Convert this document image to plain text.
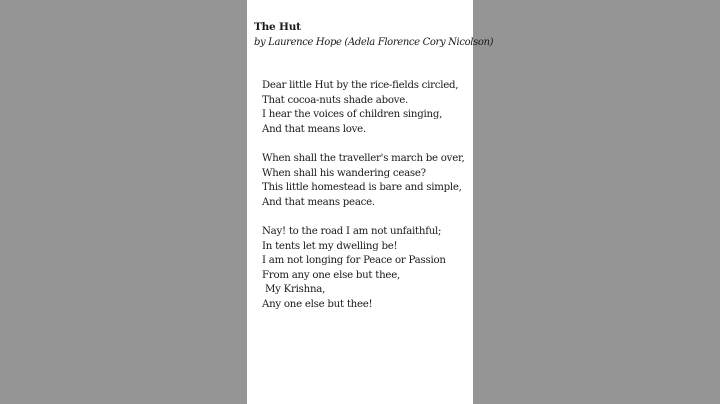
The Hut
by Laurence Hope (Adela Florence Cory Nicolson)
Dear little Hut by the rice-fields circled,
That cocoa-nuts shade above.
I hear the voices of children singing,
And that means love.
When shall the traveller's march be over,
When shall his wandering cease?
This little homestead is bare and simple,
And that means peace.
Nay! to the road I am not unfaithful;
In tents let my dwelling be!
I am not longing for Peace or Passion
From any one else but thee,
My Krishna,
Any one else but thee!
